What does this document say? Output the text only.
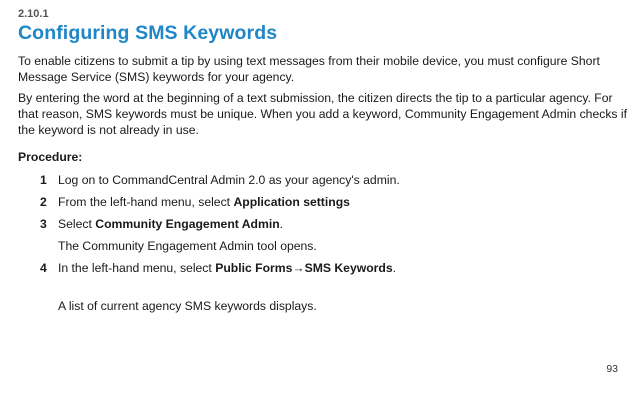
2.10.1
Configuring SMS Keywords

To enable citizens to submit a tip by using text messages from their mobile device, you must configure Short Message Service (SMS) keywords for your agency.

By entering the word at the beginning of a text submission, the citizen directs the tip to a particular agency. For that reason, SMS keywords must be unique. When you add a keyword, Community Engagement Admin checks if the keyword is not already in use.

Procedure:
1 Log on to CommandCentral Admin 2.0 as your agency's admin.
2 From the left-hand menu, select Application settings
3 Select Community Engagement Admin.
The Community Engagement Admin tool opens.
4 In the left-hand menu, select Public Forms→SMS Keywords.
A list of current agency SMS keywords displays.
93
